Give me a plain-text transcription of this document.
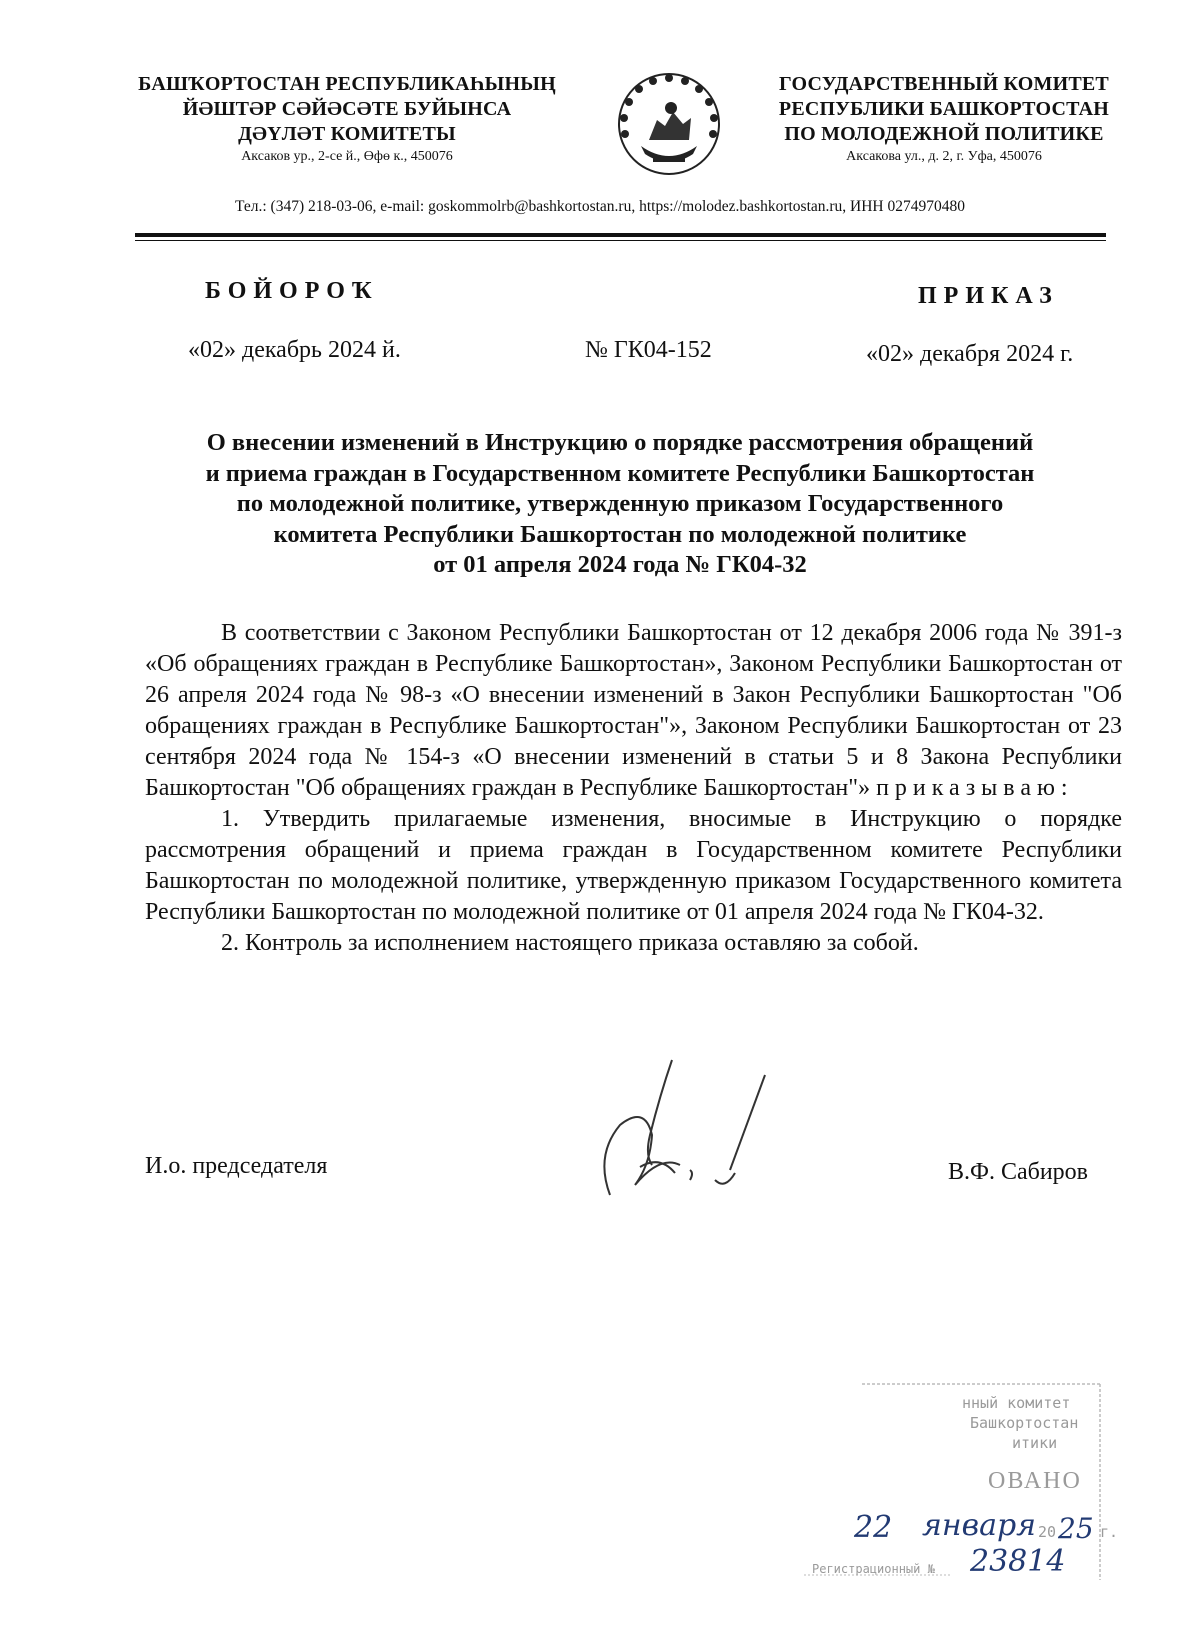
БАШҠОРТОСТАН РЕСПУБЛИКАҺЫНЫҢ
ЙӘШТӘР СӘЙӘСӘТЕ БУЙЫНСА
ДӘҮЛӘТ КОМИТЕТЫ
Аксаков ур., 2-се й., Өфө к., 450076
ГОСУДАРСТВЕННЫЙ КОМИТЕТ
РЕСПУБЛИКИ БАШКОРТОСТАН
ПО МОЛОДЕЖНОЙ ПОЛИТИКЕ
Аксакова ул., д. 2, г. Уфа, 450076
Тел.: (347) 218-03-06, e-mail: goskommolrb@bashkortostan.ru, https://molodez.bashkortostan.ru, ИНН 0274970480
БОЙОРОҠ	ПРИКАЗ
«02» декабрь 2024 й.	№ ГК04-152	«02» декабря 2024 г.
О внесении изменений в Инструкцию о порядке рассмотрения обращений
и приема граждан в Государственном комитете Республики Башкортостан
по молодежной политике, утвержденную приказом Государственного
комитета Республики Башкортостан по молодежной политике
от 01 апреля 2024 года № ГК04-32

В соответствии с Законом Республики Башкортостан от 12 декабря 2006 года № 391-з «Об обращениях граждан в Республике Башкортостан», Законом Республики Башкортостан от 26 апреля 2024 года № 98-з «О внесении изменений в Закон Республики Башкортостан "Об обращениях граждан в Республике Башкортостан"», Законом Республики Башкортостан от 23 сентября 2024 года № 154-з «О внесении изменений в статьи 5 и 8 Закона Республики Башкортостан "Об обращениях граждан в Республике Башкортостан"» приказываю:

1. Утвердить прилагаемые изменения, вносимые в Инструкцию о порядке рассмотрения обращений и приема граждан в Государственном комитете Республики Башкортостан по молодежной политике, утвержденную приказом Государственного комитета Республики Башкортостан по молодежной политике от 01 апреля 2024 года № ГК04-32.

2. Контроль за исполнением настоящего приказа оставляю за собой.

И.о. председателя	В.Ф. Сабиров
нный комитет
Башкортостан
итики
ОВАНО
22 января 20 25 г.
Регистрационный № 23814
